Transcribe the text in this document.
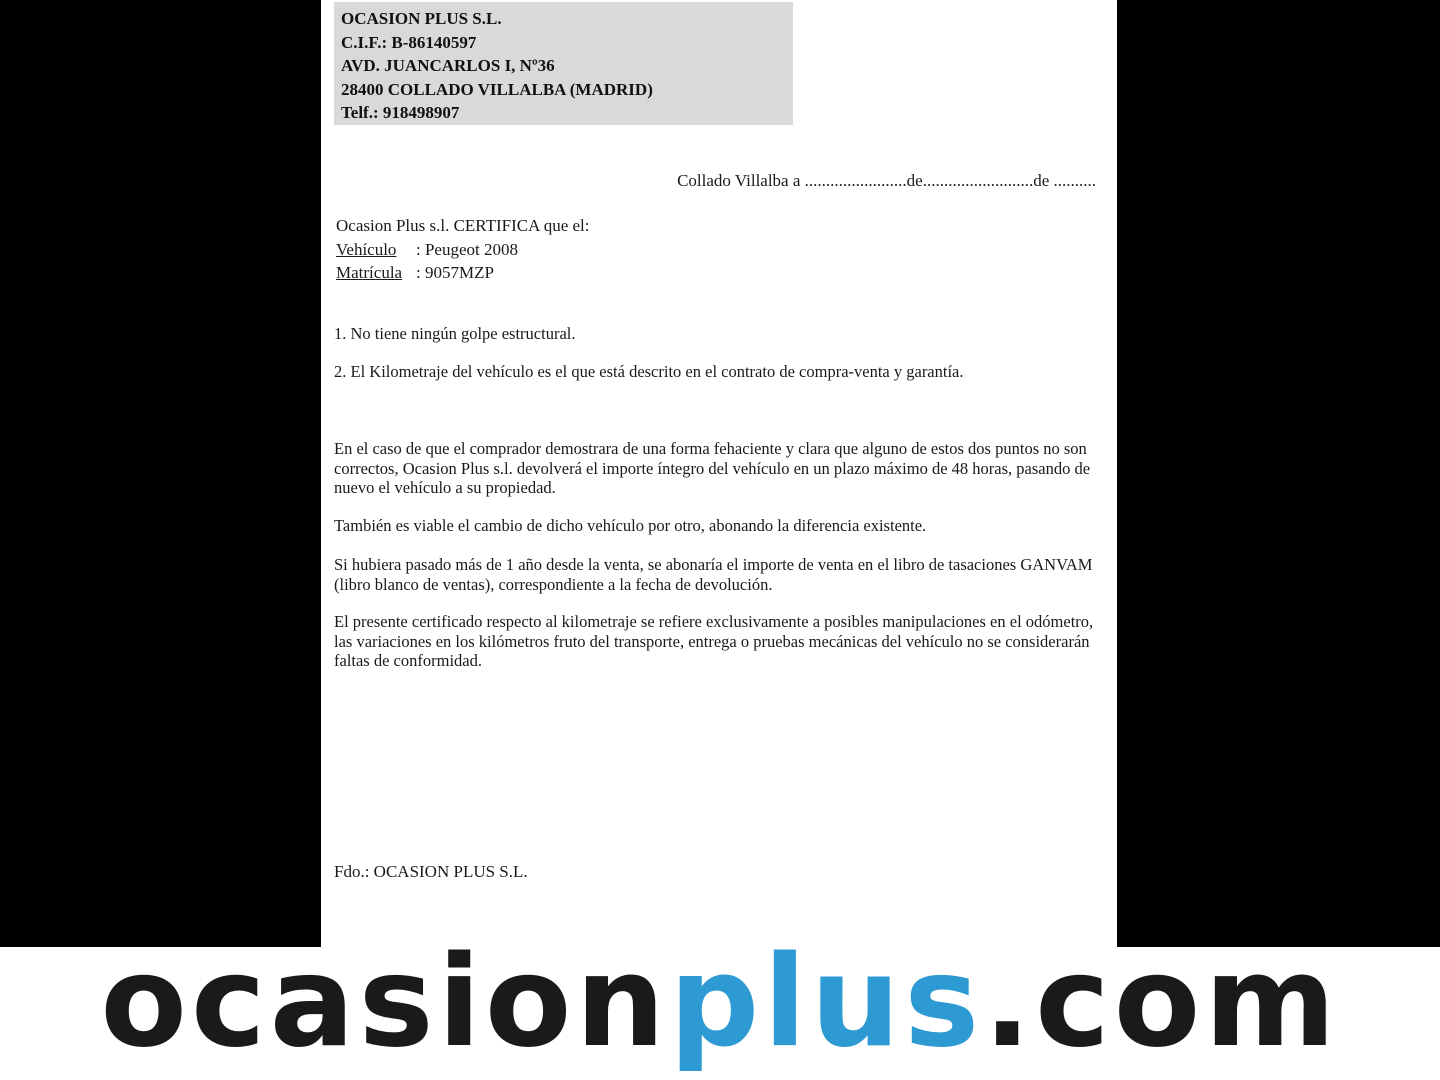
OCASION PLUS S.L.
C.I.F.: B-86140597
AVD. JUANCARLOS I, Nº36
28400 COLLADO VILLALBA (MADRID)
Telf.: 918498907

Collado Villalba a ........................de..........................de ..........

Ocasion Plus s.l. CERTIFICA que el:

Vehículo : Peugeot 2008

Matrícula : 9057MZP

1. No tiene ningún golpe estructural.

2. El Kilometraje del vehículo es el que está descrito en el contrato de compra-venta y garantía.

En el caso de que el comprador demostrara de una forma fehaciente y clara que alguno de estos dos puntos no son correctos, Ocasion Plus s.l. devolverá el importe íntegro del vehículo en un plazo máximo de 48 horas, pasando de nuevo el vehículo a su propiedad.

También es viable el cambio de dicho vehículo por otro, abonando la diferencia existente.

Si hubiera pasado más de 1 año desde la venta, se abonaría el importe de venta en el libro de tasaciones GANVAM (libro blanco de ventas), correspondiente a la fecha de devolución.

El presente certificado respecto al kilometraje se refiere exclusivamente a posibles manipulaciones en el odómetro, las variaciones en los kilómetros fruto del transporte, entrega o pruebas mecánicas del vehículo no se considerarán faltas de conformidad.

Fdo.: OCASION PLUS S.L.

ocasionplus.com
